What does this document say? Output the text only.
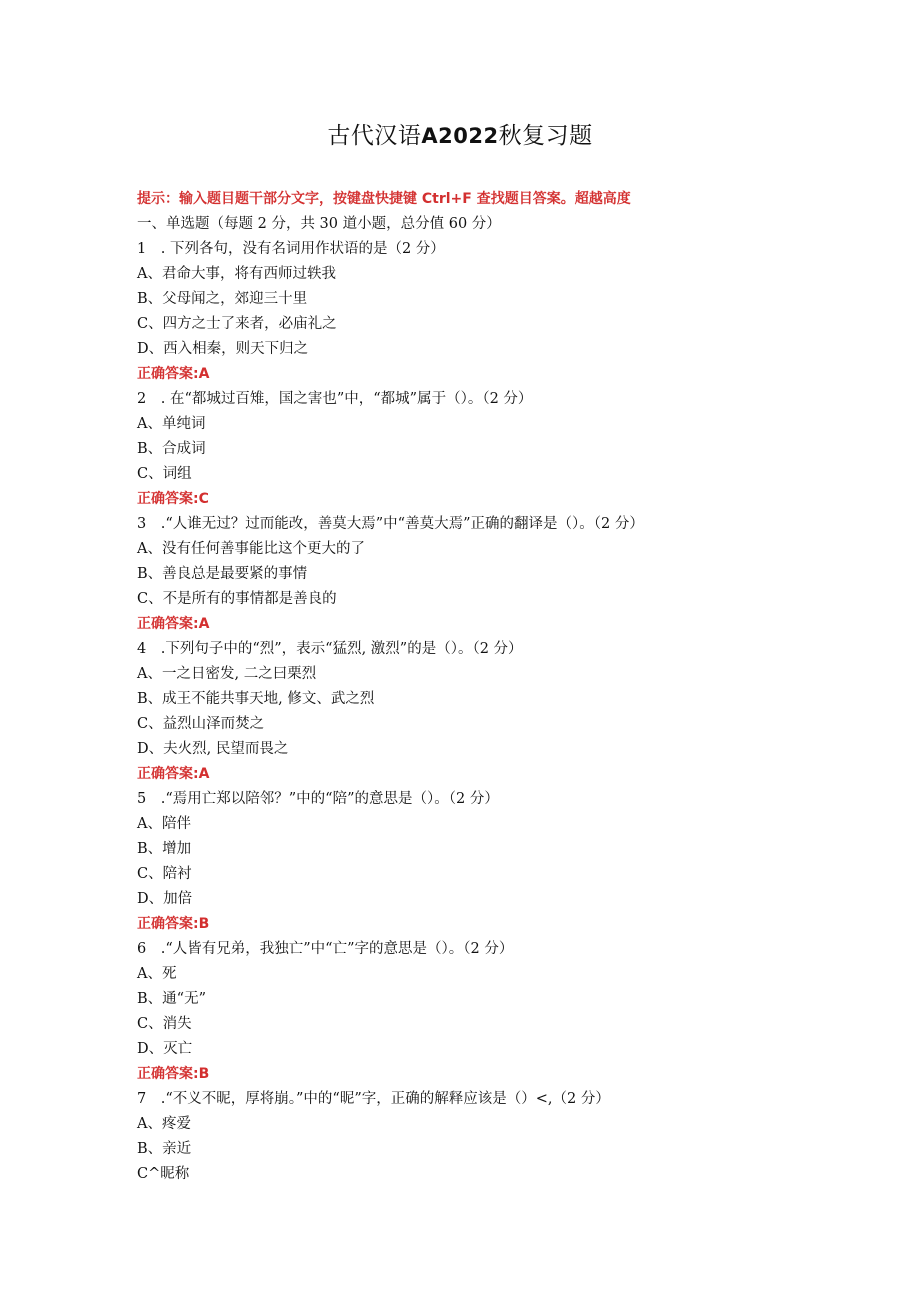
古代汉语A2022秋复习题
提示：输入题目题干部分文字，按键盘快捷键 Ctrl+F 查找题目答案。超越高度
一、单选题（每题 2 分，共 30 道小题，总分值 60 分）
1　. 下列各句，没有名词用作状语的是（2 分）
A、君命大事，将有西师过轶我
B、父母闻之，郊迎三十里
C、四方之士了来者，必庙礼之
D、西入相秦，则天下归之
正确答案:A
2　. 在“都城过百雉，国之害也”中，“都城”属于（）。（2 分）
A、单纯词
B、合成词
C、词组
正确答案:C
3　.“人谁无过？过而能改，善莫大焉”中“善莫大焉”正确的翻译是（）。（2 分）
A、没有任何善事能比这个更大的了
B、善良总是最要紧的事情
C、不是所有的事情都是善良的
正确答案:A
4　.下列句子中的“烈”，表示“猛烈, 激烈”的是（）。（2 分）
A、一之日密发, 二之曰栗烈
B、成王不能共事天地, 修文、武之烈
C、益烈山泽而焚之
D、夫火烈, 民望而畏之
正确答案:A
5　.“焉用亡郑以陪邻？”中的“陪”的意思是（）。（2 分）
A、陪伴
B、增加
C、陪衬
D、加倍
正确答案:B
6　.“人皆有兄弟，我独亡”中“亡”字的意思是（）。（2 分）
A、死
B、通“无”
C、消失
D、灭亡
正确答案:B
7　.“不义不昵，厚将崩。”中的“昵”字，正确的解释应该是（）<,（2 分）
A、疼爱
B、亲近
C^昵称
